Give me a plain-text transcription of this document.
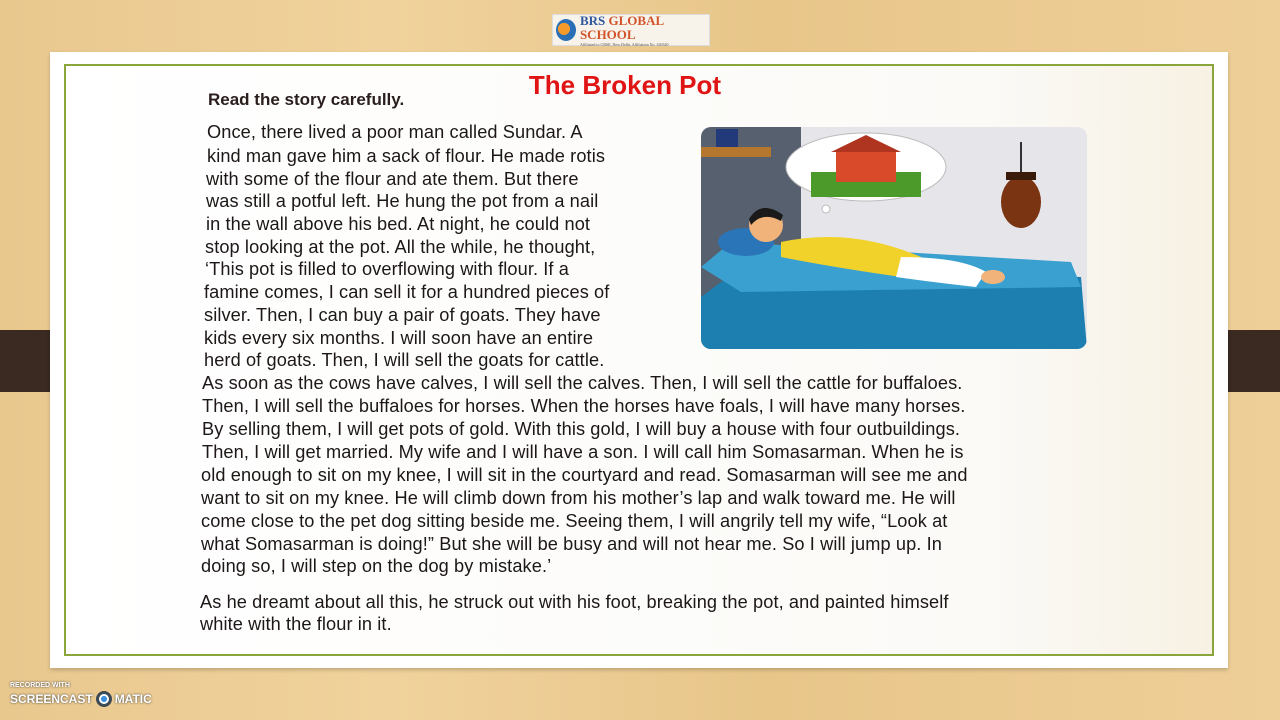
BRS GLOBAL SCHOOL
Affiliated to CBSE, New Delhi, Affiliation No. 430340
The Broken Pot
Read the story carefully.
Once, there lived a poor man called Sundar. A
kind man gave him a sack of flour. He made rotis
with some of the flour and ate them. But there
was still a potful left. He hung the pot from a nail
in the wall above his bed. At night, he could not
stop looking at the pot. All the while, he thought,
‘This pot is filled to overflowing with flour. If a
famine comes, I can sell it for a hundred pieces of
silver. Then, I can buy a pair of goats. They have
kids every six months. I will soon have an entire
herd of goats. Then, I will sell the goats for cattle.
As soon as the cows have calves, I will sell the calves. Then, I will sell the cattle for buffaloes.
Then, I will sell the buffaloes for horses. When the horses have foals, I will have many horses.
By selling them, I will get pots of gold. With this gold, I will buy a house with four outbuildings.
Then, I will get married. My wife and I will have a son. I will call him Somasarman. When he is
old enough to sit on my knee, I will sit in the courtyard and read. Somasarman will see me and
want to sit on my knee. He will climb down from his mother’s lap and walk toward me. He will
come close to the pet dog sitting beside me. Seeing them, I will angrily tell my wife, “Look at
what Somasarman is doing!” But she will be busy and will not hear me. So I will jump up. In
doing so, I will step on the dog by mistake.’
As he dreamt about all this, he struck out with his foot, breaking the pot, and painted himself
white with the flour in it.
RECORDED WITH
SCREENCAST MATIC
